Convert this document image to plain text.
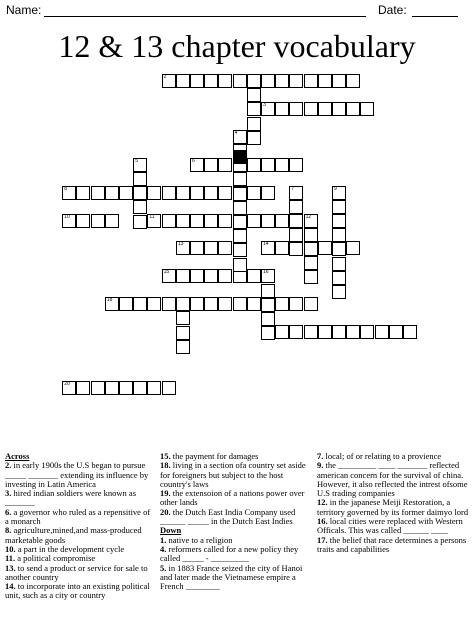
Name:	Date:
12 & 13 chapter vocabulary
2
3
6
8
10	11
13	14
15
18
20
4
5
7	9
12
16
Across
2. in early 1900s the U.S began to pursue _____ _______ extending its influence by investing in Latin America
3. hired indian soldiers were known as _______
6. a governor who ruled as a repensitive of a monarch
8. agriculture,mined,and mass-produced marketable goods
10. a part in the development cycle
11. a political compromise
13. to send a product or service for sale to another country
14. to incorporate into an existing political unit, such as a city or country
15. the payment for damages
18. living in a section ofa country set aside for foreigners but subject to the host country's laws
19. the extensoion of a nations power over other lands
20. the Dutch East India Company used ______ _____ in the Dutch East Indies
Down
1. native to a religion
4. reformers called for a new policy they called _____ - _________
5. in 1883 France seized the city of Hanoi and later made the Vietnamese empire a French ________
7. local; of or relating to a provience
9. the _________ ____ _______ reflected american concern for the survival of china. However, it also reflected the intrest ofsome U.S trading companies
12. in the japanese Meiji Restoration, a territory governed by its former daimyo lord
16. local cities were replaced with Western Officals. This was called ______ ____
17. the belief that race determines a persons traits and capabilities
